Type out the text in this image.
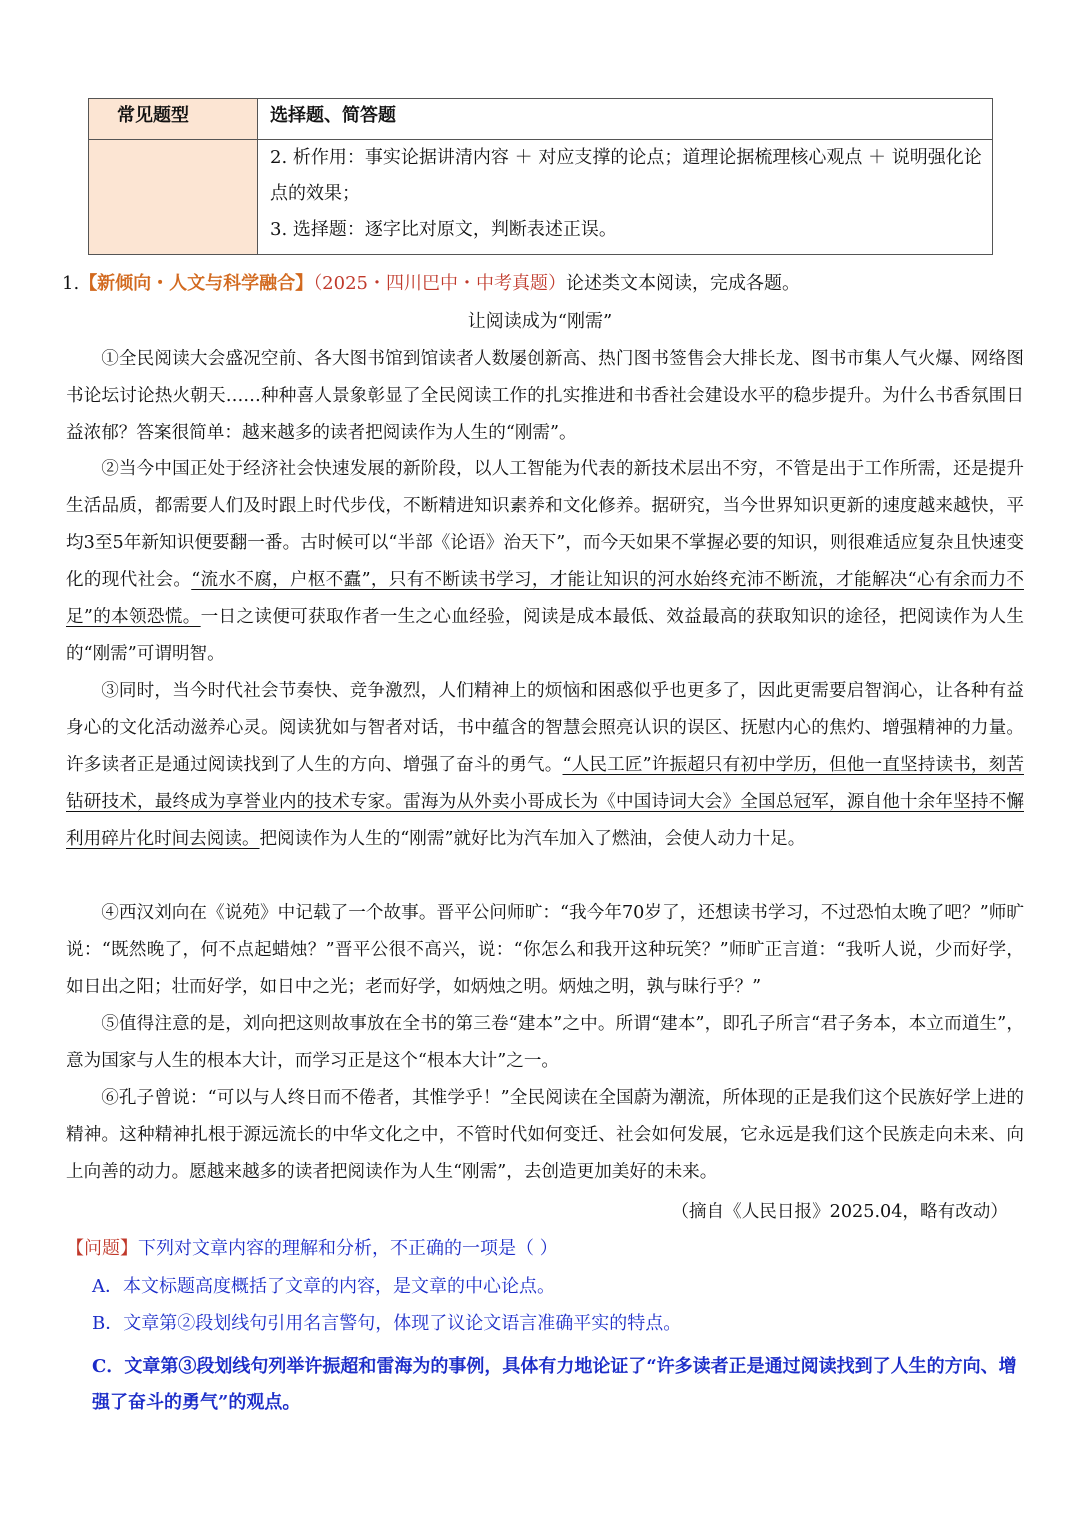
常见题型	选择题、简答题

	2. 析作用：事实论据讲清内容 ＋ 对应支撑的论点；道理论据梳理核心观点 ＋ 说明强化论点的效果；
3. 选择题：逐字比对原文，判断表述正误。
1.【新倾向・人文与科学融合】（2025・四川巴中・中考真题）论述类文本阅读，完成各题。
让阅读成为“刚需”

①全民阅读大会盛况空前、各大图书馆到馆读者人数屡创新高、热门图书签售会大排长龙、图书市集人气火爆、网络图书论坛讨论热火朝天……种种喜人景象彰显了全民阅读工作的扎实推进和书香社会建设水平的稳步提升。为什么书香氛围日益浓郁？答案很简单：越来越多的读者把阅读作为人生的“刚需”。

②当今中国正处于经济社会快速发展的新阶段，以人工智能为代表的新技术层出不穷，不管是出于工作所需，还是提升生活品质，都需要人们及时跟上时代步伐，不断精进知识素养和文化修养。据研究，当今世界知识更新的速度越来越快，平均3至5年新知识便要翻一番。古时候可以“半部《论语》治天下”，而今天如果不掌握必要的知识，则很难适应复杂且快速变化的现代社会。“流水不腐，户枢不蠹”，只有不断读书学习，才能让知识的河水始终充沛不断流，才能解决“心有余而力不足”的本领恐慌。一日之读便可获取作者一生之心血经验，阅读是成本最低、效益最高的获取知识的途径，把阅读作为人生的“刚需”可谓明智。

③同时，当今时代社会节奏快、竞争激烈，人们精神上的烦恼和困惑似乎也更多了，因此更需要启智润心，让各种有益身心的文化活动滋养心灵。阅读犹如与智者对话，书中蕴含的智慧会照亮认识的误区、抚慰内心的焦灼、增强精神的力量。许多读者正是通过阅读找到了人生的方向、增强了奋斗的勇气。“人民工匠”许振超只有初中学历，但他一直坚持读书，刻苦钻研技术，最终成为享誉业内的技术专家。雷海为从外卖小哥成长为《中国诗词大会》全国总冠军，源自他十余年坚持不懈利用碎片化时间去阅读。把阅读作为人生的“刚需”就好比为汽车加入了燃油，会使人动力十足。

④西汉刘向在《说苑》中记载了一个故事。晋平公问师旷：“我今年70岁了，还想读书学习，不过恐怕太晚了吧？”师旷说：“既然晚了，何不点起蜡烛？”晋平公很不高兴，说：“你怎么和我开这种玩笑？”师旷正言道：“我听人说，少而好学，如日出之阳；壮而好学，如日中之光；老而好学，如炳烛之明。炳烛之明，孰与昧行乎？”

⑤值得注意的是，刘向把这则故事放在全书的第三卷“建本”之中。所谓“建本”，即孔子所言“君子务本，本立而道生”，意为国家与人生的根本大计，而学习正是这个“根本大计”之一。

⑥孔子曾说：“可以与人终日而不倦者，其惟学乎！”全民阅读在全国蔚为潮流，所体现的正是我们这个民族好学上进的精神。这种精神扎根于源远流长的中华文化之中，不管时代如何变迁、社会如何发展，它永远是我们这个民族走向未来、向上向善的动力。愿越来越多的读者把阅读作为人生“刚需”，去创造更加美好的未来。

（摘自《人民日报》2025.04，略有改动）
【问题】下列对文章内容的理解和分析，不正确的一项是（ ）
A．本文标题高度概括了文章的内容，是文章的中心论点。
B．文章第②段划线句引用名言警句，体现了议论文语言准确平实的特点。
C．文章第③段划线句列举许振超和雷海为的事例，具体有力地论证了“许多读者正是通过阅读找到了人生的方向、增强了奋斗的勇气”的观点。
